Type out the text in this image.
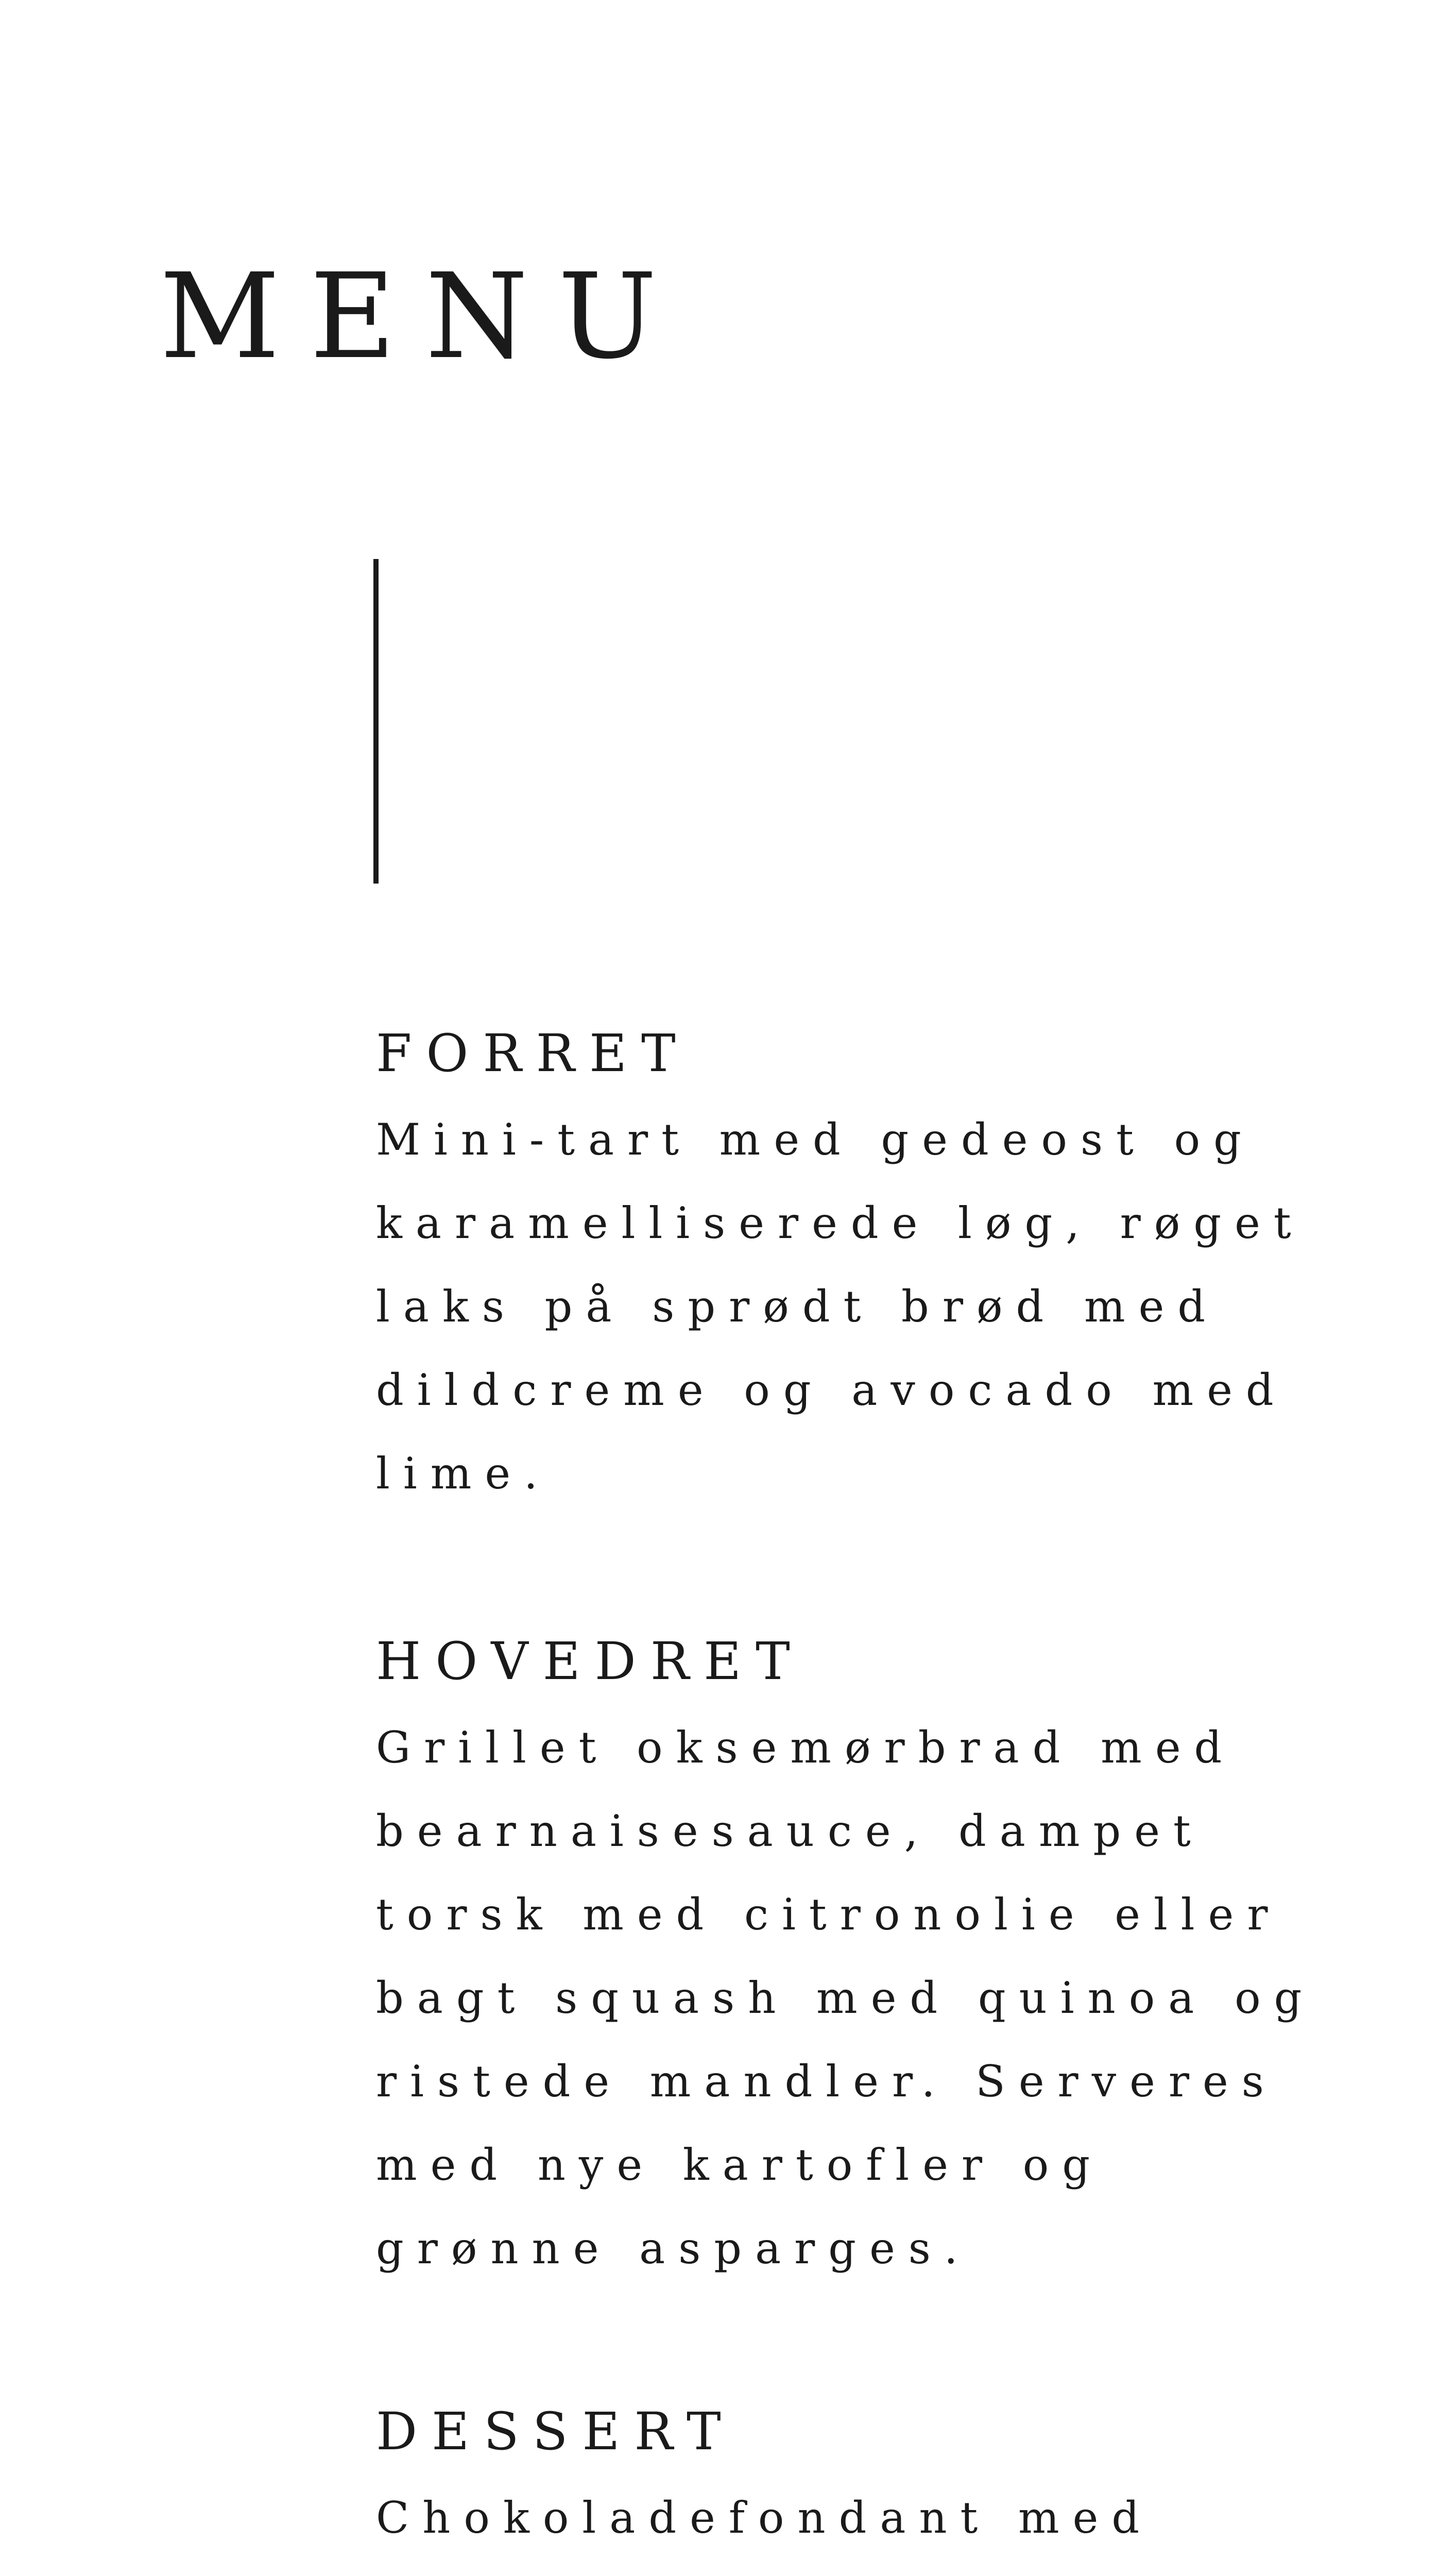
MENU
FORRET

Mini-tart med gedeost og
karamelliserede løg, røget
laks på sprødt brød med
dildcreme og avocado med
lime.

HOVEDRET

Grillet oksemørbrad med
bearnaisesauce, dampet
torsk med citronolie eller
bagt squash med quinoa og
ristede mandler. Serveres
med nye kartofler og
grønne asparges.

DESSERT

Chokoladefondant med
